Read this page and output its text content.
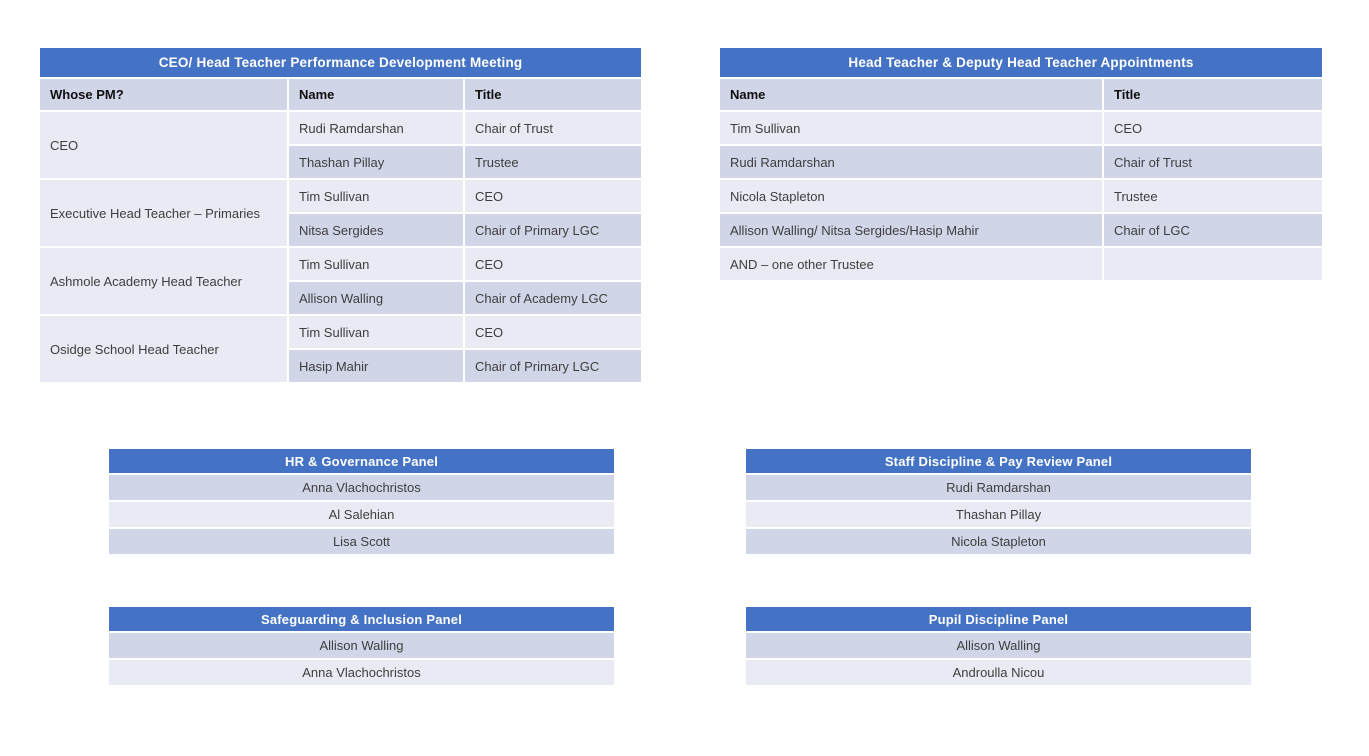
CEO/ Head Teacher Performance Development Meeting		
Whose PM?	Name	Title
CEO	Rudi Ramdarshan	Chair of Trust
	Thashan Pillay	Trustee
Executive Head Teacher – Primaries	Tim Sullivan	CEO
	Nitsa Sergides	Chair of Primary LGC
Ashmole Academy Head Teacher	Tim Sullivan	CEO
	Allison Walling	Chair of Academy LGC
Osidge School Head Teacher	Tim Sullivan	CEO
	Hasip Mahir	Chair of Primary LGC
Head Teacher & Deputy Head Teacher Appointments	
Name	Title
Tim Sullivan	CEO
Rudi Ramdarshan	Chair of Trust
Nicola Stapleton	Trustee
Allison Walling/ Nitsa Sergides/Hasip Mahir	Chair of LGC
AND – one other Trustee	
HR & Governance Panel
Anna Vlachochristos
Al Salehian
Lisa Scott
Staff Discipline & Pay Review Panel
Rudi Ramdarshan
Thashan Pillay
Nicola Stapleton
Safeguarding & Inclusion Panel
Allison Walling
Anna Vlachochristos
Pupil Discipline Panel
Allison Walling
Androulla Nicou
